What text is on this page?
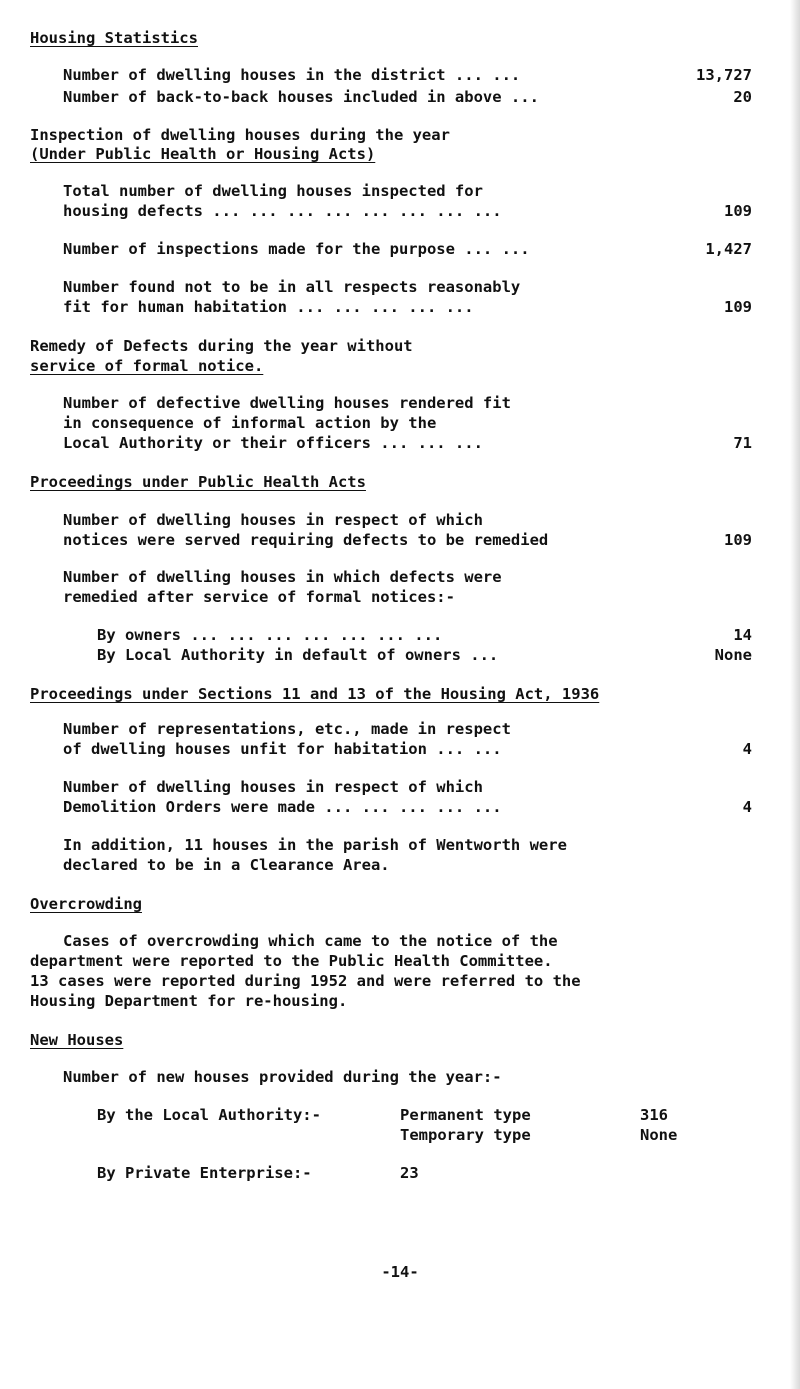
Housing Statistics
Number of dwelling houses in the district ... ...	13,727
Number of back-to-back houses included in above ...	20
Inspection of dwelling houses during the year
(Under Public Health or Housing Acts)
Total number of dwelling houses inspected for
housing defects ... ... ... ... ... ... ... ...	109
Number of inspections made for the purpose ... ...	1,427
Number found not to be in all respects reasonably
fit for human habitation ... ... ... ... ...	109
Remedy of Defects during the year without
service of formal notice.
Number of defective dwelling houses rendered fit
in consequence of informal action by the
Local Authority or their officers ... ... ...	71
Proceedings under Public Health Acts
Number of dwelling houses in respect of which
notices were served requiring defects to be remedied	109
Number of dwelling houses in which defects were
remedied after service of formal notices:-
By owners ... ... ... ... ... ... ...	14
By Local Authority in default of owners ...	None
Proceedings under Sections 11 and 13 of the Housing Act, 1936
Number of representations, etc., made in respect
of dwelling houses unfit for habitation ... ...	4
Number of dwelling houses in respect of which
Demolition Orders were made ... ... ... ... ...	4
In addition, 11 houses in the parish of Wentworth were
declared to be in a Clearance Area.
Overcrowding
Cases of overcrowding which came to the notice of the
department were reported to the Public Health Committee.
13 cases were reported during 1952 and were referred to the
Housing Department for re-housing.
New Houses
Number of new houses provided during the year:-
By the Local Authority:-	Permanent type	316
Temporary type	None
By Private Enterprise:-	23
-14-
